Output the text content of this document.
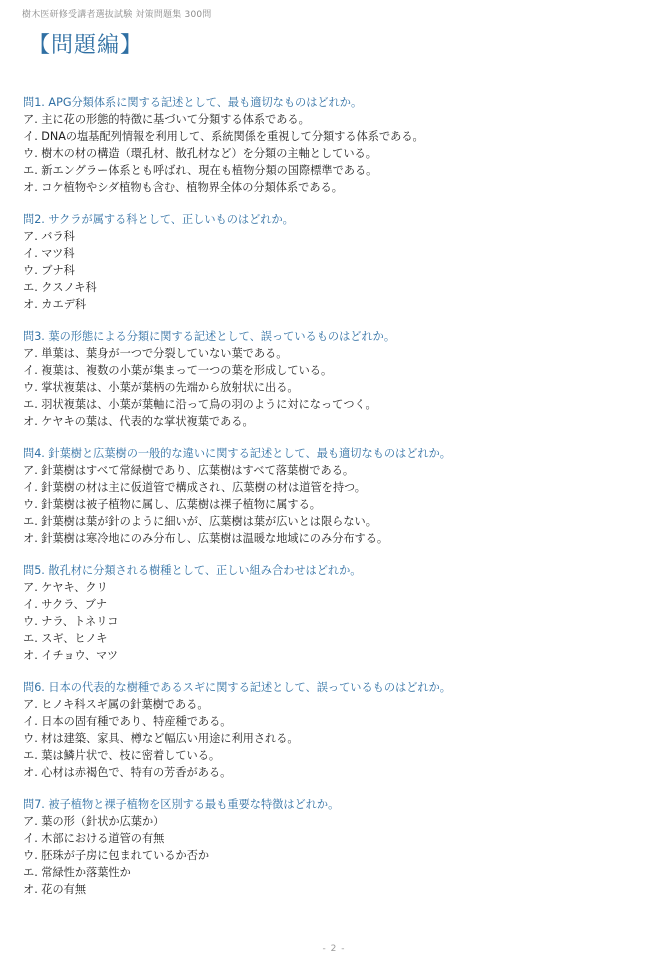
樹木医研修受講者選抜試験 対策問題集 300問
【問題編】
問1. APG分類体系に関する記述として、最も適切なものはどれか。
ア. 主に花の形態的特徴に基づいて分類する体系である。
イ. DNAの塩基配列情報を利用して、系統関係を重視して分類する体系である。
ウ. 樹木の材の構造（環孔材、散孔材など）を分類の主軸としている。
エ. 新エングラー体系とも呼ばれ、現在も植物分類の国際標準である。
オ. コケ植物やシダ植物も含む、植物界全体の分類体系である。
問2. サクラが属する科として、正しいものはどれか。
ア. バラ科
イ. マツ科
ウ. ブナ科
エ. クスノキ科
オ. カエデ科
問3. 葉の形態による分類に関する記述として、誤っているものはどれか。
ア. 単葉は、葉身が一つで分裂していない葉である。
イ. 複葉は、複数の小葉が集まって一つの葉を形成している。
ウ. 掌状複葉は、小葉が葉柄の先端から放射状に出る。
エ. 羽状複葉は、小葉が葉軸に沿って鳥の羽のように対になってつく。
オ. ケヤキの葉は、代表的な掌状複葉である。
問4. 針葉樹と広葉樹の一般的な違いに関する記述として、最も適切なものはどれか。
ア. 針葉樹はすべて常緑樹であり、広葉樹はすべて落葉樹である。
イ. 針葉樹の材は主に仮道管で構成され、広葉樹の材は道管を持つ。
ウ. 針葉樹は被子植物に属し、広葉樹は裸子植物に属する。
エ. 針葉樹は葉が針のように細いが、広葉樹は葉が広いとは限らない。
オ. 針葉樹は寒冷地にのみ分布し、広葉樹は温暖な地域にのみ分布する。
問5. 散孔材に分類される樹種として、正しい組み合わせはどれか。
ア. ケヤキ、クリ
イ. サクラ、ブナ
ウ. ナラ、トネリコ
エ. スギ、ヒノキ
オ. イチョウ、マツ
問6. 日本の代表的な樹種であるスギに関する記述として、誤っているものはどれか。
ア. ヒノキ科スギ属の針葉樹である。
イ. 日本の固有種であり、特産種である。
ウ. 材は建築、家具、樽など幅広い用途に利用される。
エ. 葉は鱗片状で、枝に密着している。
オ. 心材は赤褐色で、特有の芳香がある。
問7. 被子植物と裸子植物を区別する最も重要な特徴はどれか。
ア. 葉の形（針状か広葉か）
イ. 木部における道管の有無
ウ. 胚珠が子房に包まれているか否か
エ. 常緑性か落葉性か
オ. 花の有無
- 2 -
